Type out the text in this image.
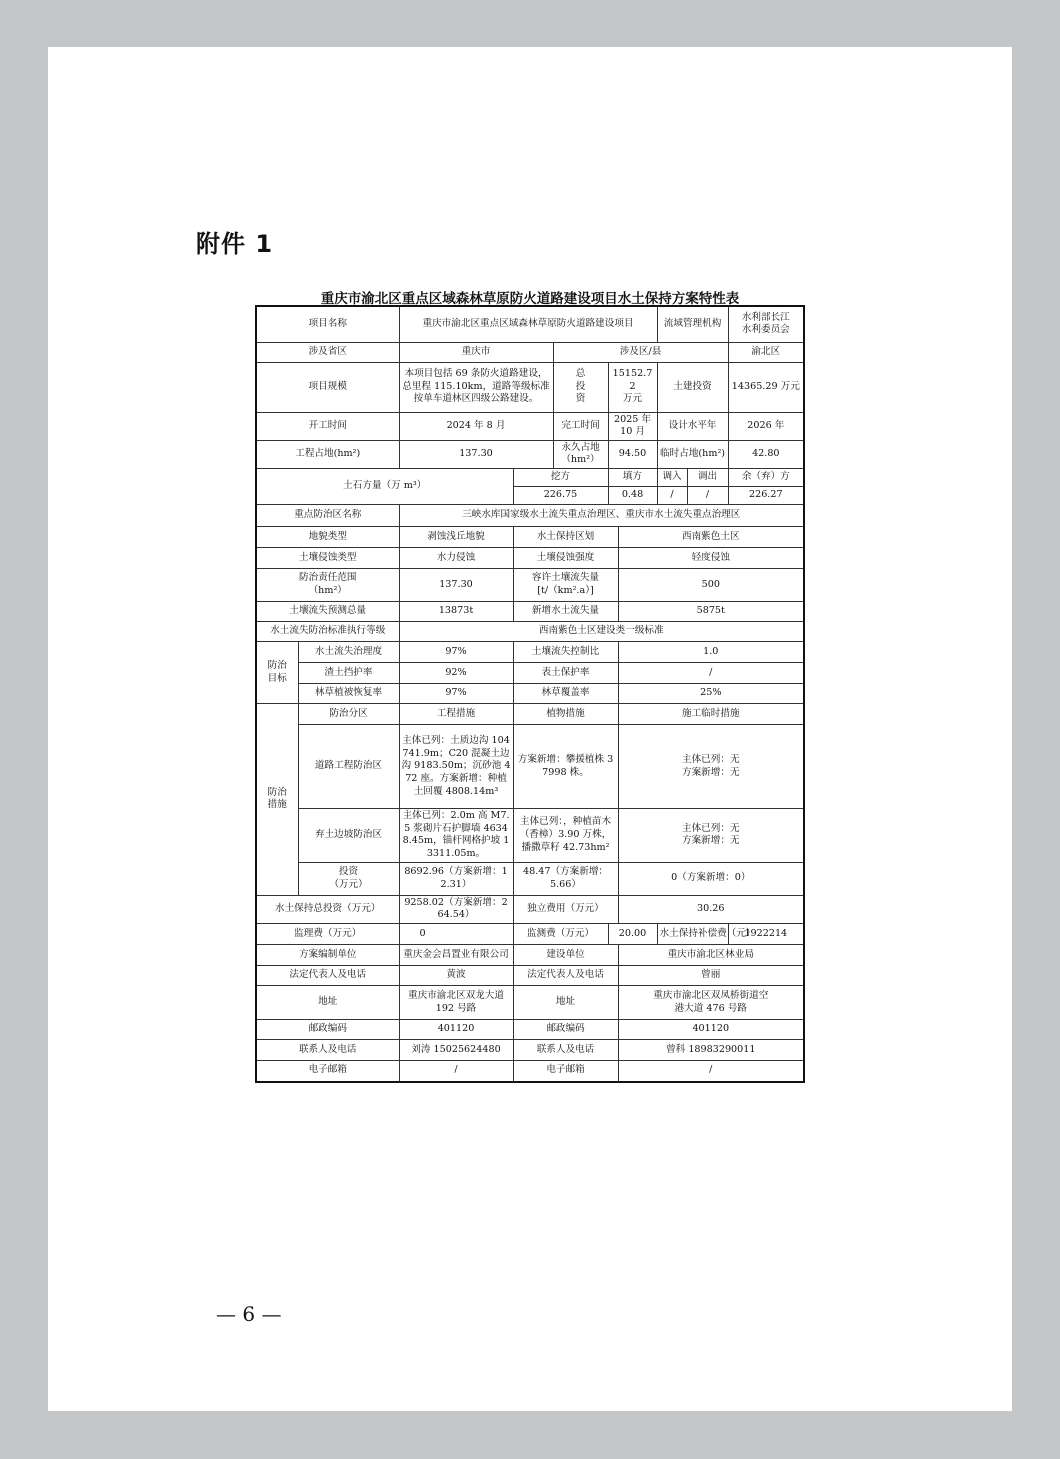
附件 1
重庆市渝北区重点区域森林草原防火道路建设项目水土保持方案特性表
项目名称		重庆市渝北区重点区域森林草原防火道路建设项目					流域管理机构		水利部长江
水利委员会
涉及省区		重庆市		涉及区/县					渝北区
项目规模		本项目包括 69 条防火道路建设，总里程 115.10km，道路等级标准按单车道林区四级公路建设。		总
投
资	15152.72
万元		土建投资		14365.29 万元
开工时间		2024 年 8 月		完工时间	2025 年 10 月		设计水平年		2026 年
工程占地(hm²)		137.30		永久占地（hm²）	94.50		临时占地(hm²)		42.80
土石方量（万 m³）			挖方		填方		调入	调出	余（弃）方
			226.75		0.48		/	/	226.27
重点防治区名称		三峡水库国家级水土流失重点治理区、重庆市水土流失重点治理区							
地貌类型		剥蚀浅丘地貌	水土保持区划			西南紫色土区			
土壤侵蚀类型		水力侵蚀	土壤侵蚀强度			轻度侵蚀			
防治责任范围
（hm²）		137.30	容许土壤流失量
[t/（km².a）]			500			
土壤流失预测总量		13873t	新增水土流失量			5875t			
水土流失防治标准执行等级		西南紫色土区建设类一级标准							
防治
目标	水土流失治理度	97%	土壤流失控制比			1.0			
	渣土挡护率	92%	表土保护率			/			
	林草植被恢复率	97%	林草覆盖率			25%			
防治
措施	防治分区	工程措施	植物措施			施工临时措施			
	道路工程防治区	主体已列：土质边沟 104741.9m；C20 混凝土边沟 9183.50m；沉砂池 472 座。方案新增：种植土回覆 4808.14m³	方案新增：攀援植株 37998 株。			主体已列：无
方案新增：无			
	弃土边坡防治区	主体已列：2.0m 高 M7.5 浆砌片石护脚墙 46348.45m，锚杆网格护坡 13311.05m。	主体已列：，种植苗木（香樟）3.90 万株，播撒草籽 42.73hm²			主体已列：无
方案新增：无			
	投资
（万元）	8692.96（方案新增：12.31）	48.47（方案新增：
5.66）			0（方案新增：0）			
水土保持总投资（万元）		9258.02（方案新增：264.54）	独立费用（万元）			30.26			
监理费（万元）		0	监测费（万元）		20.00		水土保持补偿费（元）		1922214
方案编制单位		重庆金会昌置业有限公司	建设单位			重庆市渝北区林业局			
法定代表人及电话		黄波	法定代表人及电话			曾丽			
地址		重庆市渝北区双龙大道
192 号路	地址			重庆市渝北区双凤桥街道空
港大道 476 号路			
邮政编码		401120	邮政编码			401120			
联系人及电话		刘涛 15025624480	联系人及电话			曾科 18983290011			
电子邮箱		/	电子邮箱			/			
— 6 —
